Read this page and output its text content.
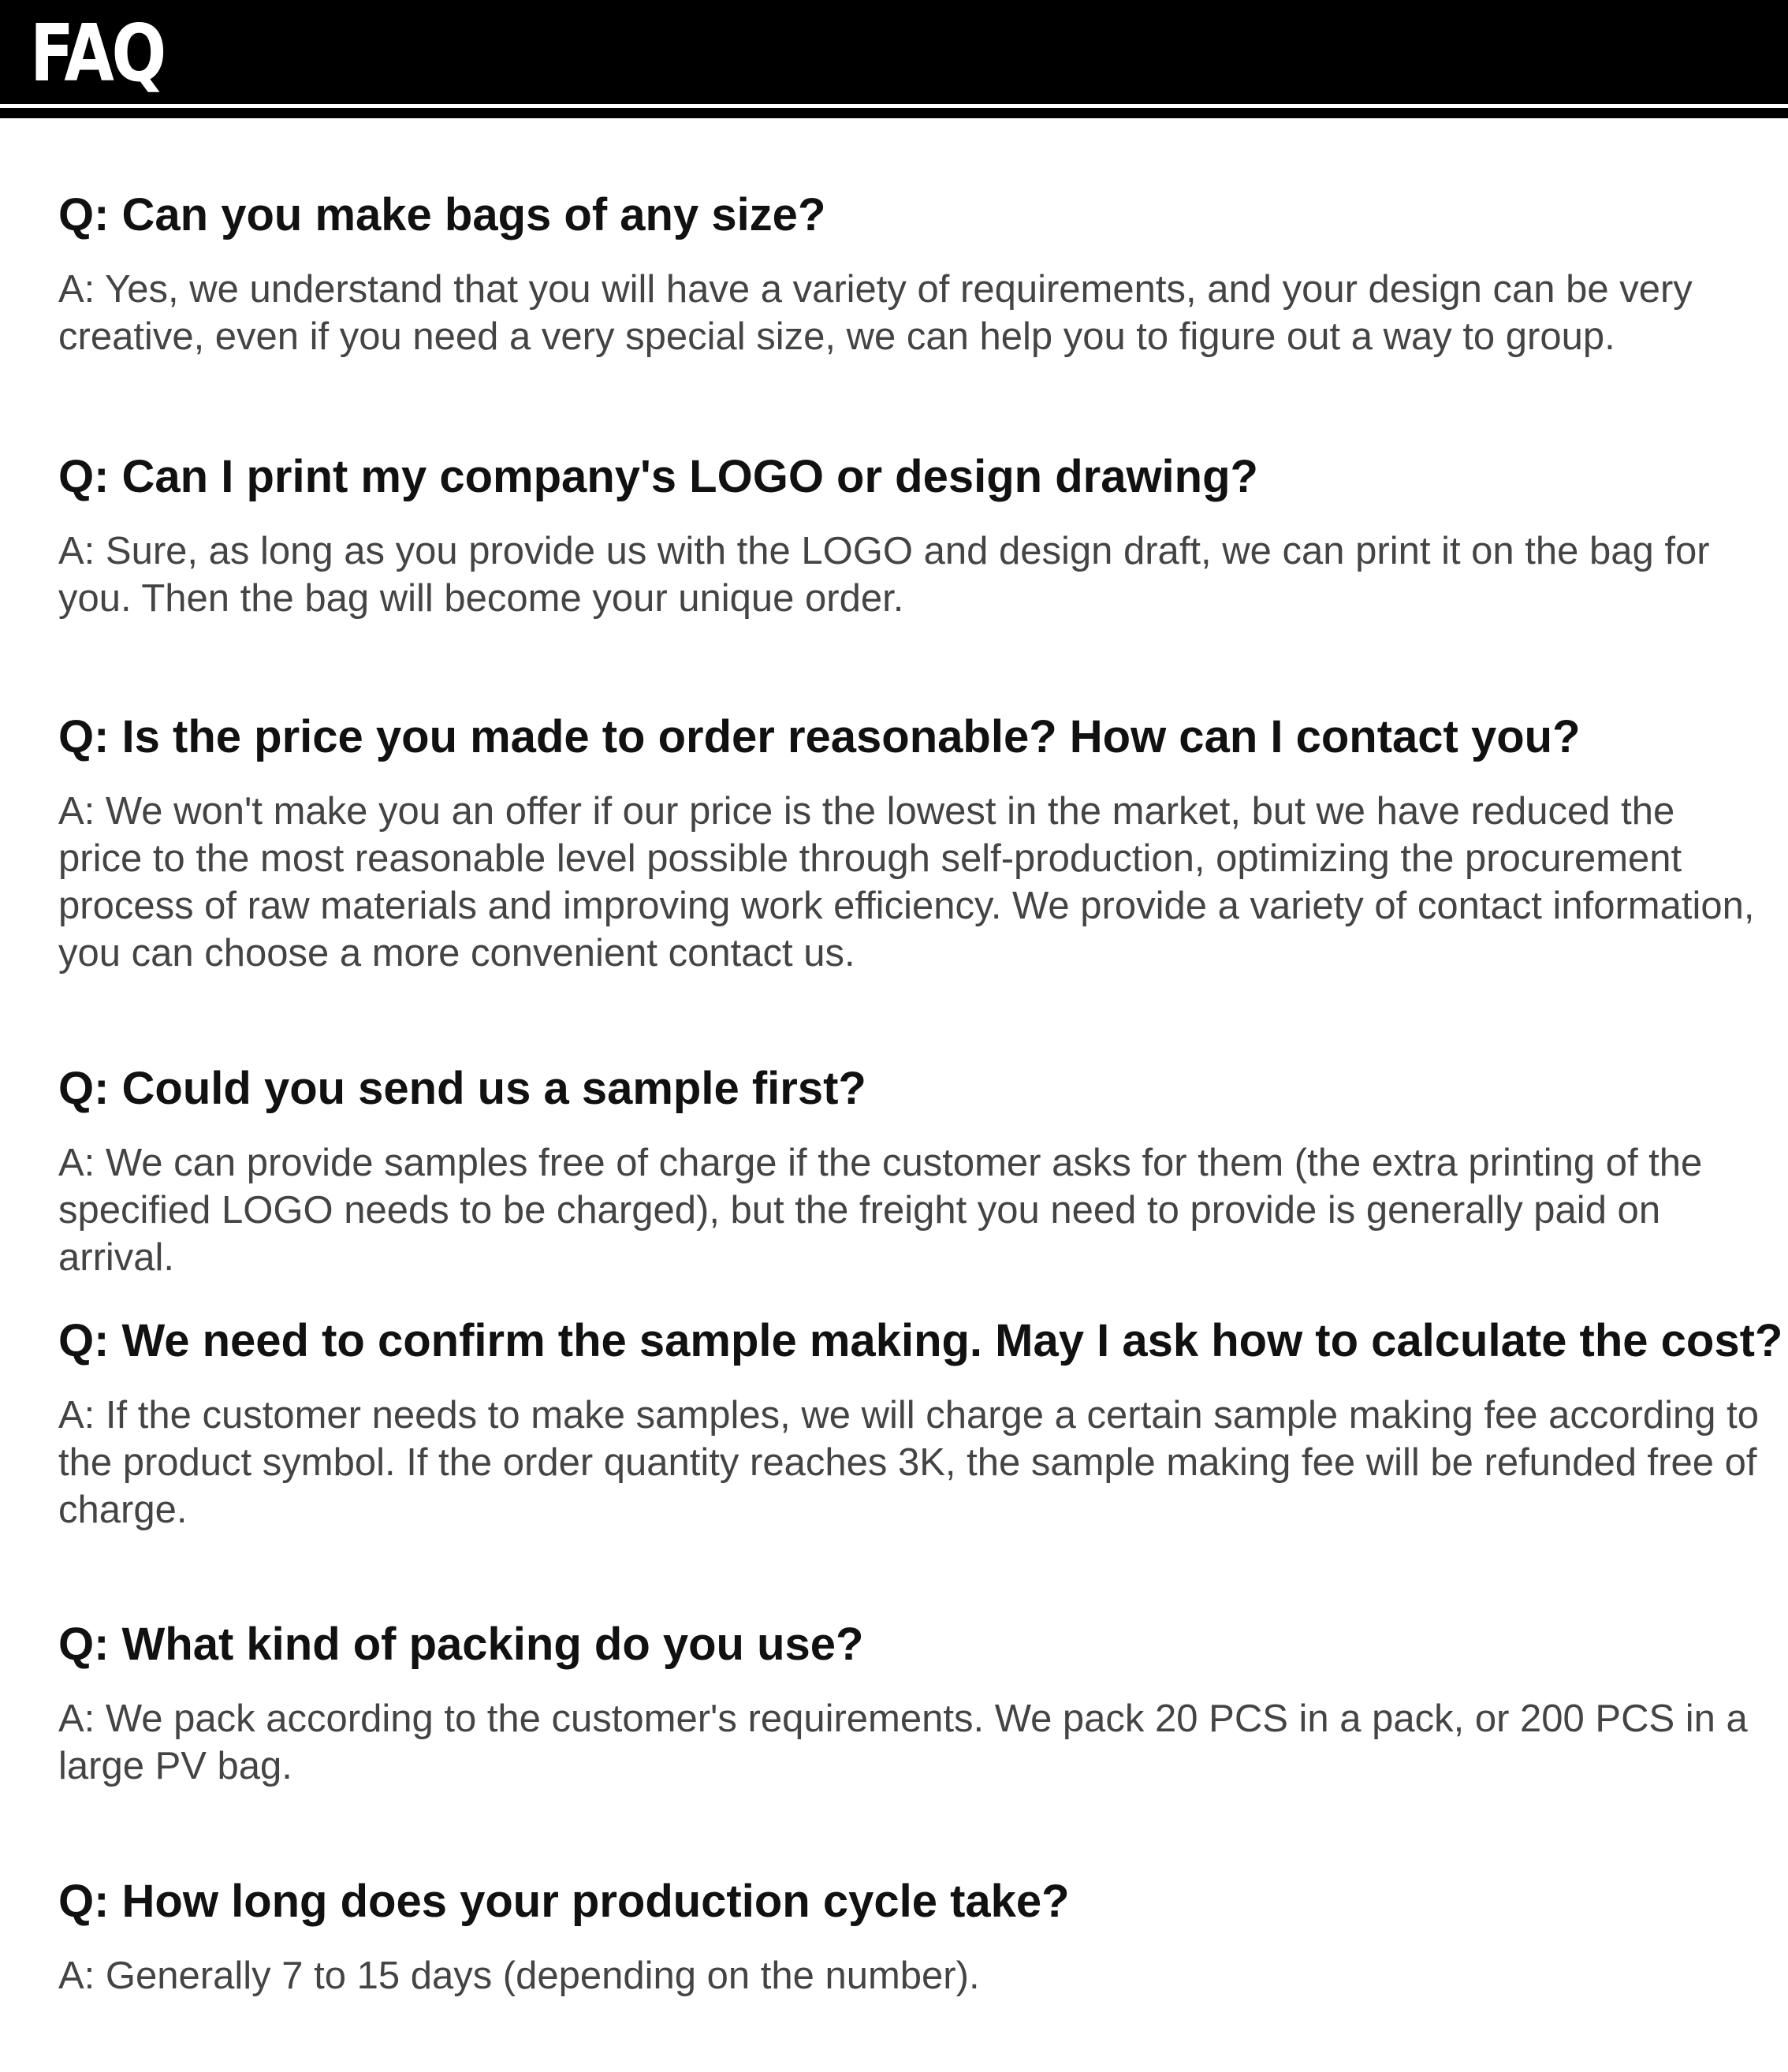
FAQ

Q: Can you make bags of any size?

A: Yes, we understand that you will have a variety of requirements, and your design can be very creative, even if you need a very special size, we can help you to figure out a way to group.

Q: Can I print my company's LOGO or design drawing?

A: Sure, as long as you provide us with the LOGO and design draft, we can print it on the bag for you. Then the bag will become your unique order.

Q: Is the price you made to order reasonable? How can I contact you?

A: We won't make you an offer if our price is the lowest in the market, but we have reduced the price to the most reasonable level possible through self-production, optimizing the procurement process of raw materials and improving work efficiency. We provide a variety of contact information, you can choose a more convenient contact us.

Q: Could you send us a sample first?

A: We can provide samples free of charge if the customer asks for them (the extra printing of the specified LOGO needs to be charged), but the freight you need to provide is generally paid on arrival.

Q: We need to confirm the sample making. May I ask how to calculate the cost?

A: If the customer needs to make samples, we will charge a certain sample making fee according to the product symbol. If the order quantity reaches 3K, the sample making fee will be refunded free of charge.

Q: What kind of packing do you use?

A: We pack according to the customer's requirements. We pack 20 PCS in a pack, or 200 PCS in a large PV bag.

Q: How long does your production cycle take?

A: Generally 7 to 15 days (depending on the number).
